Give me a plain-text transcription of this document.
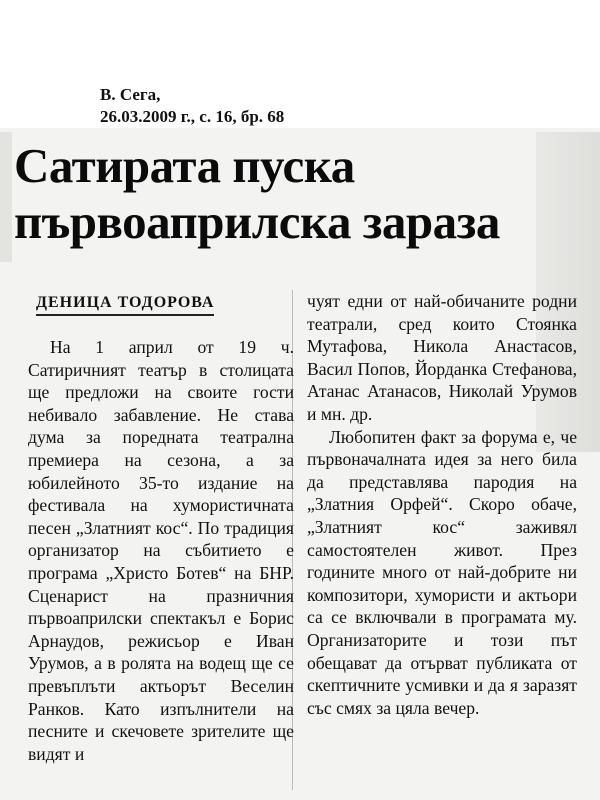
В. Сега,
26.03.2009 г., с. 16, бр. 68
Сатирата пуска
първоаприлска зараза
ДЕНИЦА ТОДОРОВА

На 1 април от 19 ч. Сатиричният театър в столицата ще предложи на своите гости небивало забавление. Не става дума за поредната театрална премиера на сезона, а за юбилейното 35-то издание на фестивала на хумористичната песен „Златният кос“. По традиция организатор на събитието е програма „Христо Ботев“ на БНР. Сценарист на празничния първоаприлски спектакъл е Борис Арнаудов, режисьор е Иван Урумов, а в ролята на водещ ще се превъплъти актьорът Веселин Ранков. Като изпълнители на песните и скечовете зрителите ще видят и

чуят едни от най-обичаните родни театрали, сред които Стоянка Мутафова, Никола Анастасов, Васил Попов, Йорданка Стефанова, Атанас Атанасов, Николай Урумов и мн. др.

Любопитен факт за форума е, че първоначалната идея за него била да представлява пародия на „Златния Орфей“. Скоро обаче, „Златният кос“ заживял самостоятелен живот. През годините много от най-добрите ни композитори, хумористи и актьори са се включвали в програмата му. Организаторите и този път обещават да отърват публиката от скептичните усмивки и да я заразят със смях за цяла вечер.
